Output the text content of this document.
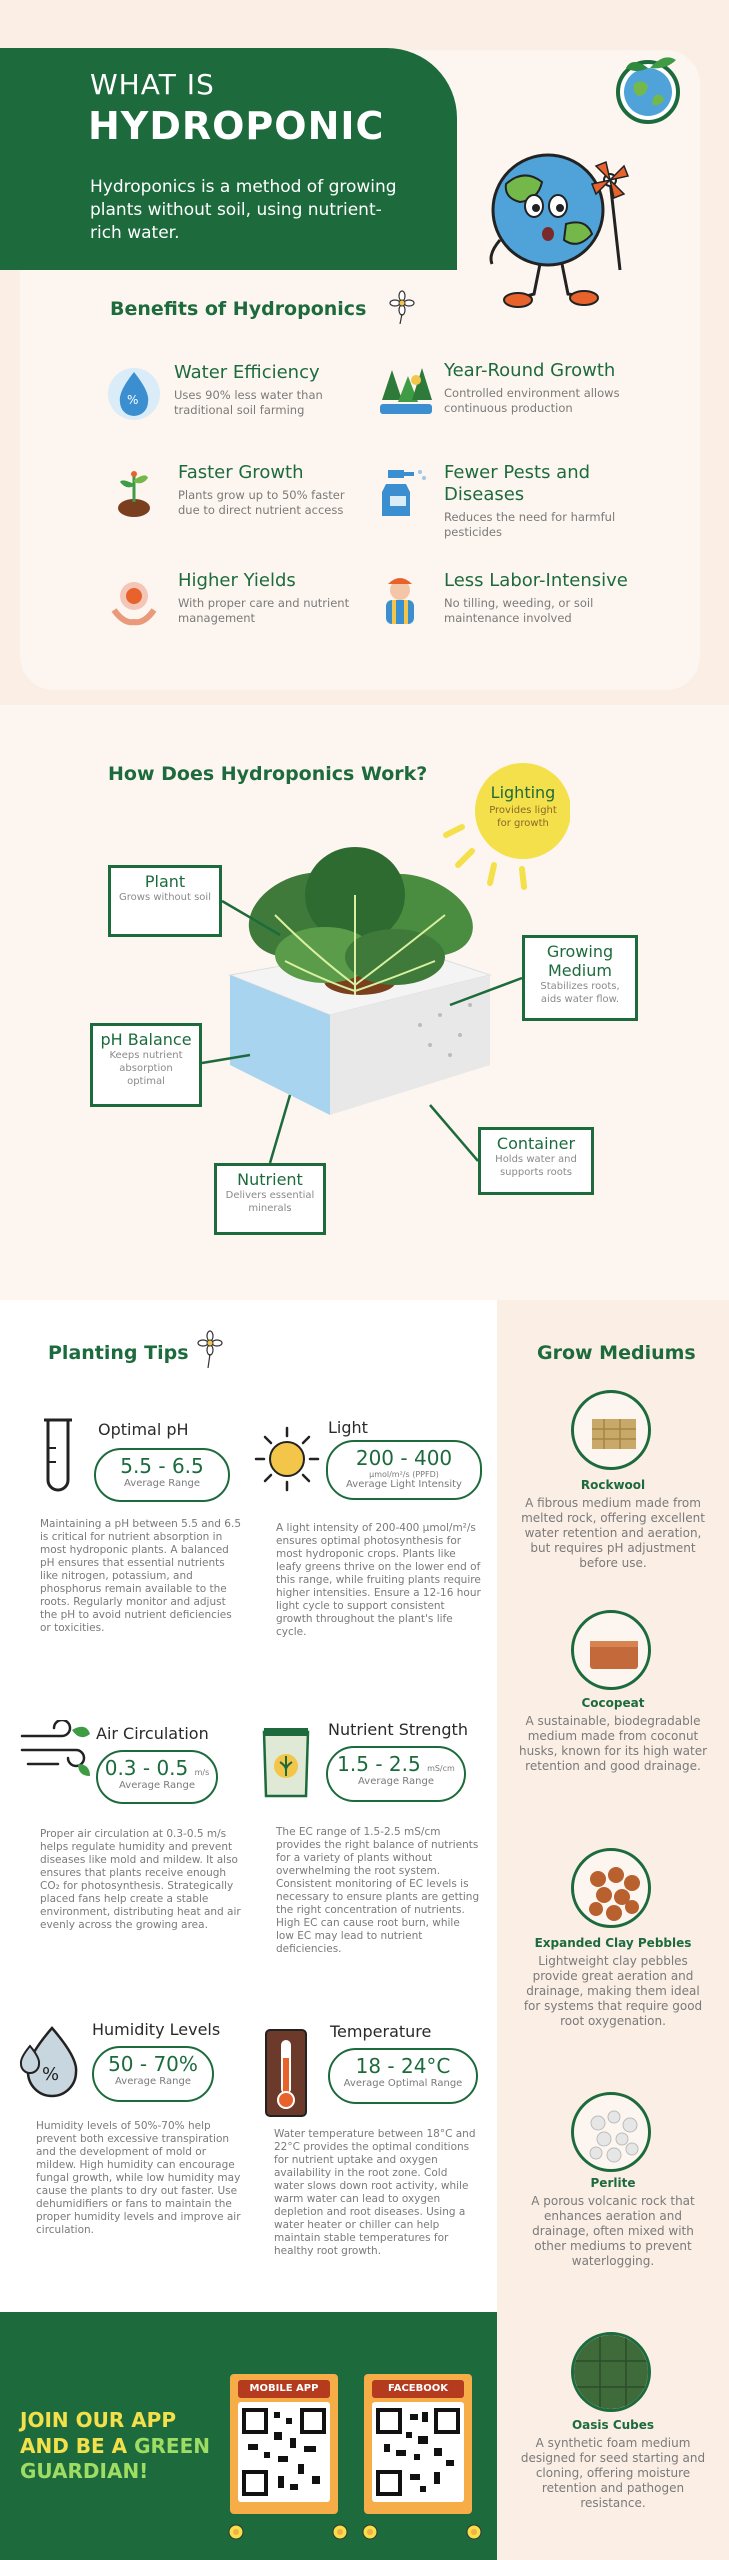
WHAT IS
HYDROPONIC
Hydroponics is a method of growing plants without soil, using nutrient-rich water.
Benefits of Hydroponics
%
Water Efficiency
Uses 90% less water than traditional soil farming
Year-Round Growth
Controlled environment allows continuous production
Faster Growth
Plants grow up to 50% faster due to direct nutrient access
Fewer Pests and Diseases
Reduces the need for harmful pesticides
Higher Yields
With proper care and nutrient management
Less Labor-Intensive
No tilling, weeding, or soil maintenance involved
How Does Hydroponics Work?
Lighting
Provides light for growth
Plant
Grows without soil
pH Balance
Keeps nutrient absorption optimal
Nutrient
Delivers essential minerals
Growing Medium
Stabilizes roots, aids water flow.
Container
Holds water and supports roots
Planting Tips
Optimal pH
5.5 - 6.5
Average Range
Maintaining a pH between 5.5 and 6.5 is critical for nutrient absorption in most hydroponic plants. A balanced pH ensures that essential nutrients like nitrogen, potassium, and phosphorus remain available to the roots. Regularly monitor and adjust the pH to avoid nutrient deficiencies or toxicities.
Light
200 - 400
µmol/m²/s (PPFD)
Average Light Intensity
A light intensity of 200-400 µmol/m²/s ensures optimal photosynthesis for most hydroponic crops. Plants like leafy greens thrive on the lower end of this range, while fruiting plants require higher intensities. Ensure a 12-16 hour light cycle to support consistent growth throughout the plant's life cycle.
Air Circulation
0.3 - 0.5 m/s
Average Range
Proper air circulation at 0.3-0.5 m/s helps regulate humidity and prevent diseases like mold and mildew. It also ensures that plants receive enough CO₂ for photosynthesis. Strategically placed fans help create a stable environment, distributing heat and air evenly across the growing area.
Nutrient Strength
1.5 - 2.5 mS/cm
Average Range
The EC range of 1.5-2.5 mS/cm provides the right balance of nutrients for a variety of plants without overwhelming the root system. Consistent monitoring of EC levels is necessary to ensure plants are getting the right concentration of nutrients. High EC can cause root burn, while low EC may lead to nutrient deficiencies.
%
Humidity Levels
50 - 70%
Average Range
Humidity levels of 50%-70% help prevent both excessive transpiration and the development of mold or mildew. High humidity can encourage fungal growth, while low humidity may cause the plants to dry out faster. Use dehumidifiers or fans to maintain the proper humidity levels and improve air circulation.
Temperature
18 - 24°C
Average Optimal Range
Water temperature between 18°C and 22°C provides the optimal conditions for nutrient uptake and oxygen availability in the root zone. Cold water slows down root activity, while warm water can lead to oxygen depletion and root diseases. Using a water heater or chiller can help maintain stable temperatures for healthy root growth.
Grow Mediums
Rockwool
A fibrous medium made from melted rock, offering excellent water retention and aeration, but requires pH adjustment before use.
Cocopeat
A sustainable, biodegradable medium made from coconut husks, known for its high water retention and good drainage.
Expanded Clay Pebbles
Lightweight clay pebbles provide great aeration and drainage, making them ideal for systems that require good root oxygenation.
Perlite
A porous volcanic rock that enhances aeration and drainage, often mixed with other mediums to prevent waterlogging.
Oasis Cubes
A synthetic foam medium designed for seed starting and cloning, offering moisture retention and pathogen resistance.
JOIN OUR APP
AND BE A GREEN
GUARDIAN!
MOBILE APP	FACEBOOK
